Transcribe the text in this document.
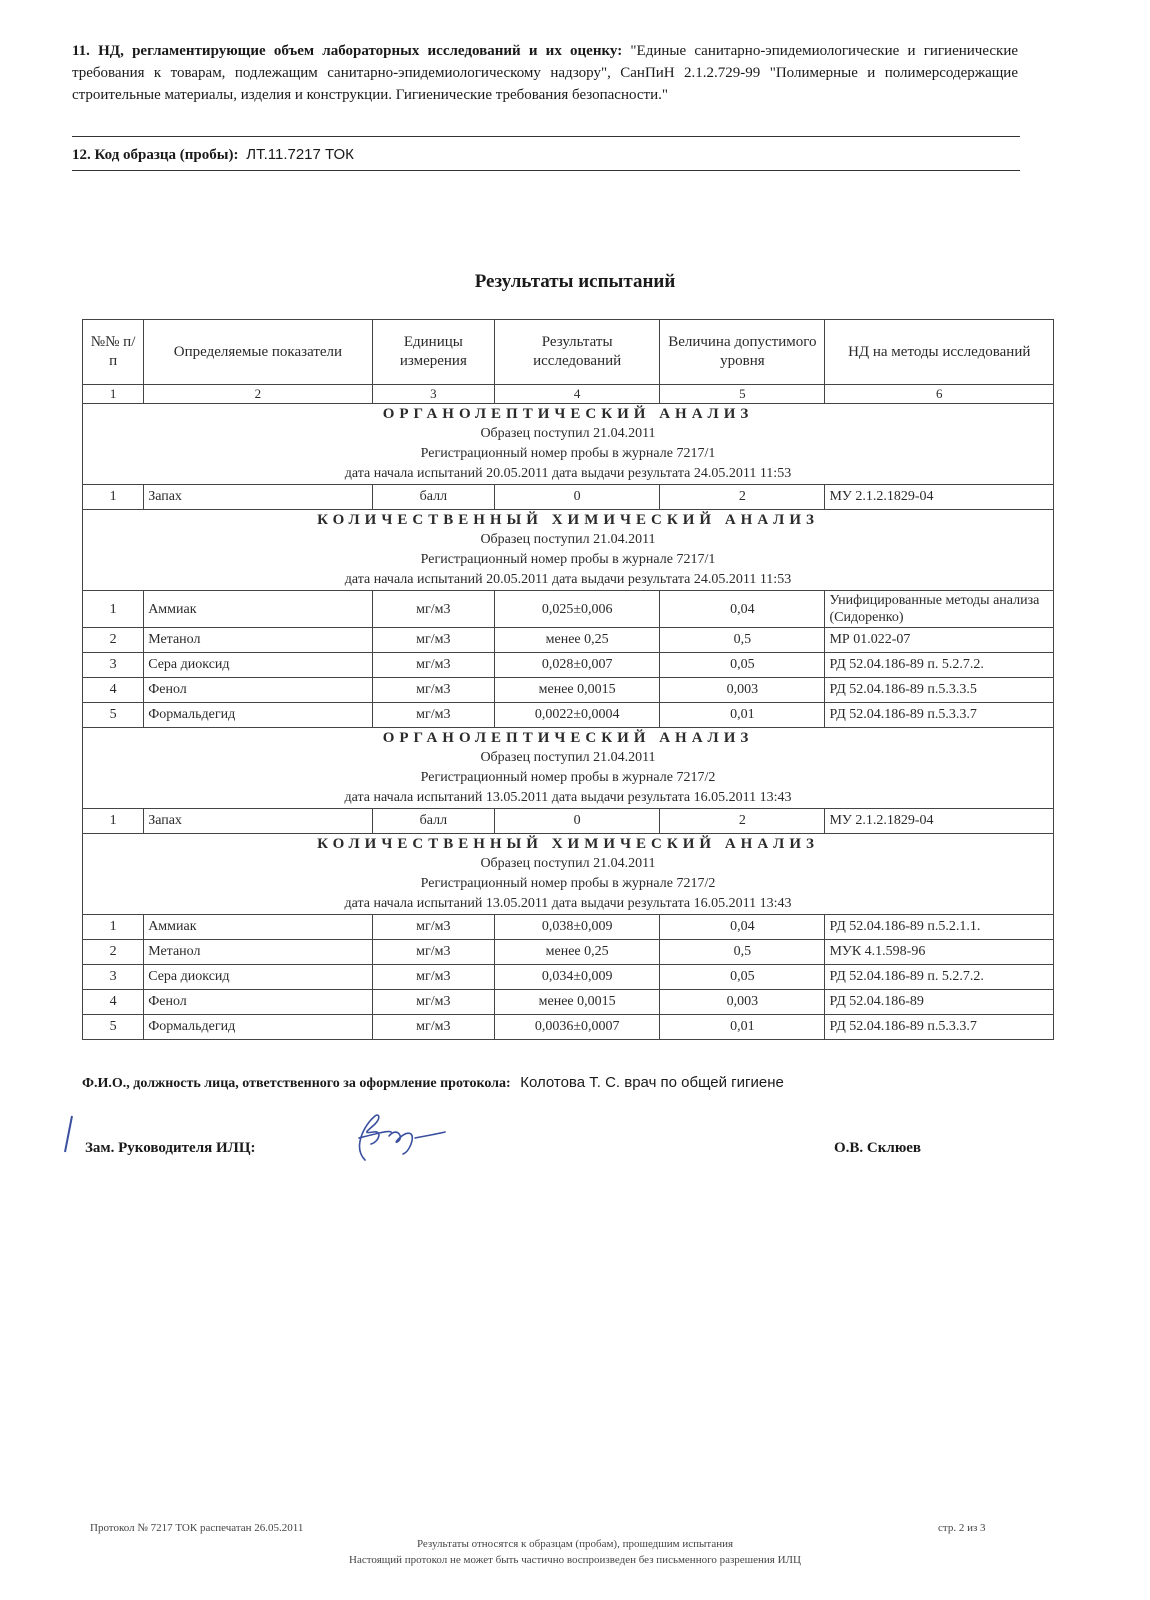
11. НД, регламентирующие объем лабораторных исследований и их оценку: "Единые санитарно-эпидемиологические и гигиенические требования к товарам, подлежащим санитарно-эпидемиологическому надзору", СанПиН 2.1.2.729-99 "Полимерные и полимерсодержащие строительные материалы, изделия и конструкции. Гигиенические требования безопасности."
12. Код образца (пробы): ЛТ.11.7217 ТОК
Результаты испытаний
№№ п/п	Определяемые показатели	Единицы измерения	Результаты исследований	Величина допустимого уровня	НД на методы исследований
1	2	3	4	5	6

ОРГАНОЛЕПТИЧЕСКИЙ АНАЛИЗ
Образец поступил 21.04.2011
Регистрационный номер пробы в журнале 7217/1
дата начала испытаний 20.05.2011 дата выдачи результата 24.05.2011 11:53					

1	Запах	балл	0	2	МУ 2.1.2.1829-04

КОЛИЧЕСТВЕННЫЙ ХИМИЧЕСКИЙ АНАЛИЗ
Образец поступил 21.04.2011
Регистрационный номер пробы в журнале 7217/1
дата начала испытаний 20.05.2011 дата выдачи результата 24.05.2011 11:53					

1	Аммиак	мг/м3	0,025±0,006	0,04	Унифицированные методы анализа (Сидоренко)
2	Метанол	мг/м3	менее 0,25	0,5	МР 01.022-07
3	Сера диоксид	мг/м3	0,028±0,007	0,05	РД 52.04.186-89 п. 5.2.7.2.
4	Фенол	мг/м3	менее 0,0015	0,003	РД 52.04.186-89 п.5.3.3.5
5	Формальдегид	мг/м3	0,0022±0,0004	0,01	РД 52.04.186-89 п.5.3.3.7

ОРГАНОЛЕПТИЧЕСКИЙ АНАЛИЗ
Образец поступил 21.04.2011
Регистрационный номер пробы в журнале 7217/2
дата начала испытаний 13.05.2011 дата выдачи результата 16.05.2011 13:43					

1	Запах	балл	0	2	МУ 2.1.2.1829-04

КОЛИЧЕСТВЕННЫЙ ХИМИЧЕСКИЙ АНАЛИЗ
Образец поступил 21.04.2011
Регистрационный номер пробы в журнале 7217/2
дата начала испытаний 13.05.2011 дата выдачи результата 16.05.2011 13:43					

1	Аммиак	мг/м3	0,038±0,009	0,04	РД 52.04.186-89 п.5.2.1.1.
2	Метанол	мг/м3	менее 0,25	0,5	МУК 4.1.598-96
3	Сера диоксид	мг/м3	0,034±0,009	0,05	РД 52.04.186-89 п. 5.2.7.2.
4	Фенол	мг/м3	менее 0,0015	0,003	РД 52.04.186-89
5	Формальдегид	мг/м3	0,0036±0,0007	0,01	РД 52.04.186-89 п.5.3.3.7
Ф.И.О., должность лица, ответственного за оформление протокола: Колотова Т. С. врач по общей гигиене
Зам. Руководителя ИЛЦ:	О.В. Склюев
Протокол № 7217 ТОК распечатан 26.05.2011	стр. 2 из 3
Результаты относятся к образцам (пробам), прошедшим испытания
Настоящий протокол не может быть частично воспроизведен без письменного разрешения ИЛЦ
